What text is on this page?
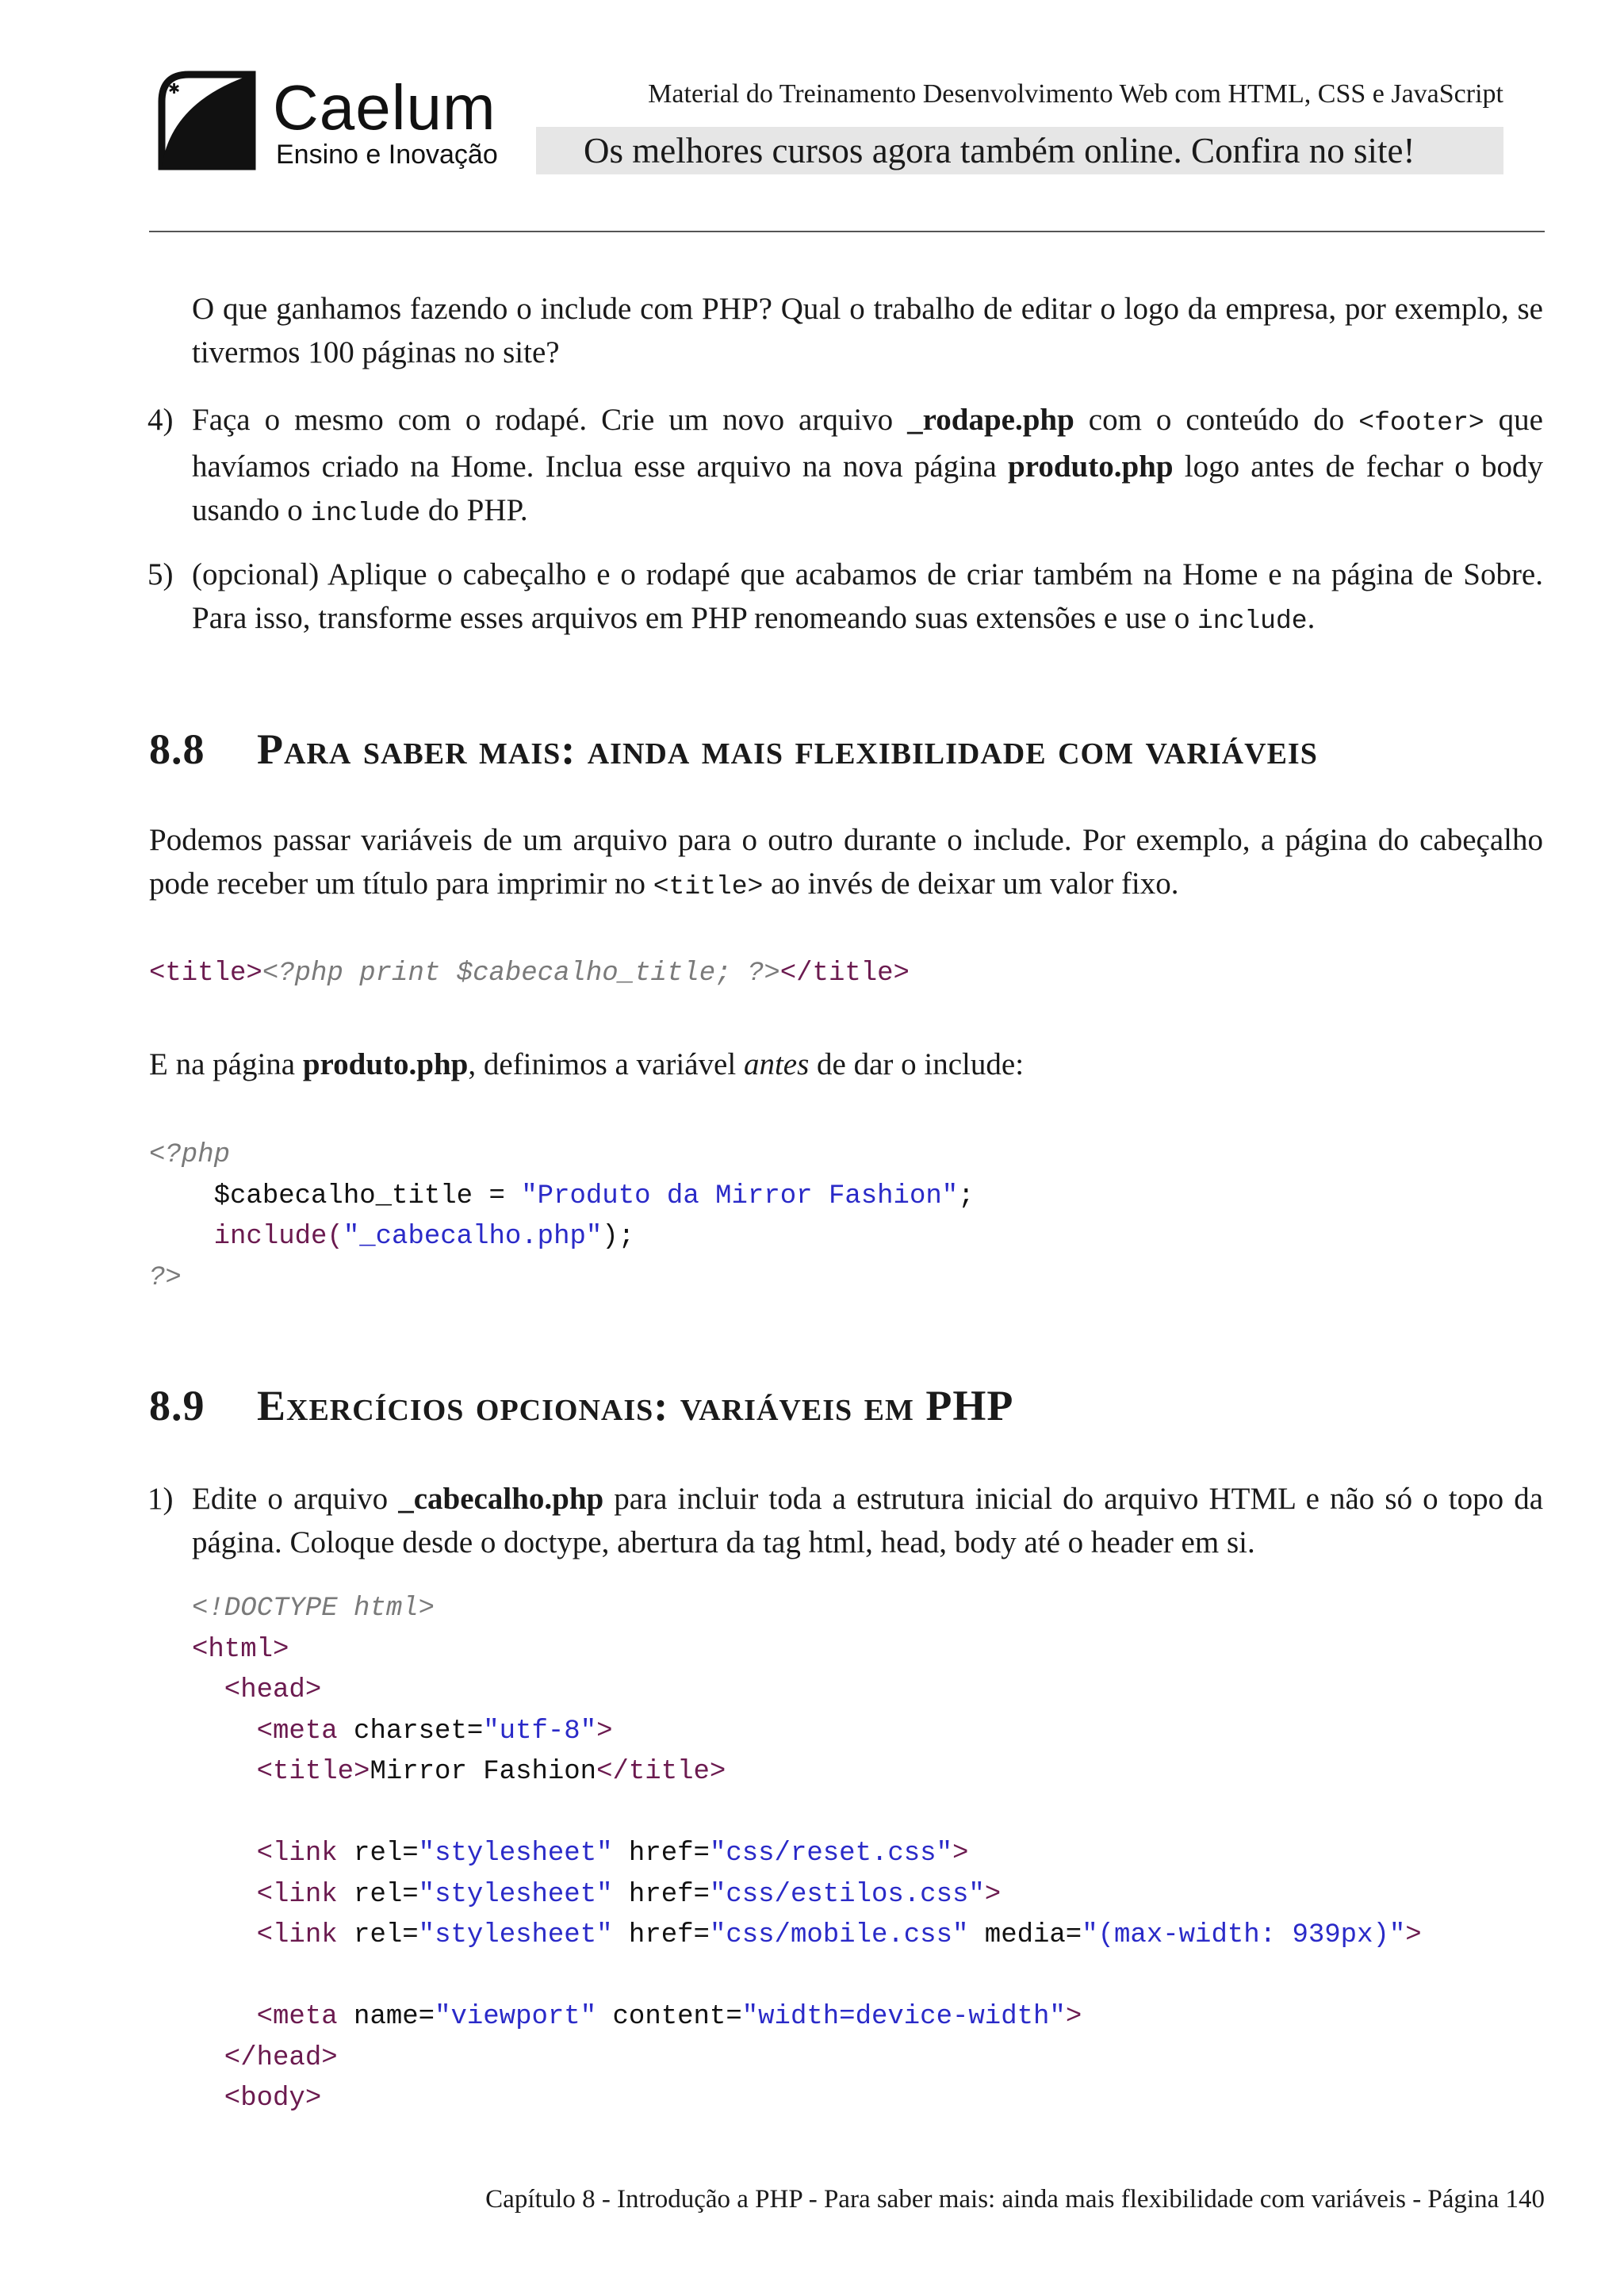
✱ Caelum
Ensino e Inovação
Material do Treinamento Desenvolvimento Web com HTML, CSS e JavaScript
Os melhores cursos agora também online. Confira no site!
O que ganhamos fazendo o include com PHP? Qual o trabalho de editar o logo da empresa, por exemplo, se tivermos 100 páginas no site?
4) Faça o mesmo com o rodapé. Crie um novo arquivo _rodape.php com o conteúdo do <footer> que havíamos criado na Home. Inclua esse arquivo na nova página produto.php logo antes de fechar o body usando o include do PHP.
5) (opcional) Aplique o cabeçalho e o rodapé que acabamos de criar também na Home e na página de Sobre. Para isso, transforme esses arquivos em PHP renomeando suas extensões e use o include.
8.8 Para saber mais: ainda mais flexibilidade com variáveis
Podemos passar variáveis de um arquivo para o outro durante o include. Por exemplo, a página do cabeçalho pode receber um título para imprimir no <title> ao invés de deixar um valor fixo.
<title><?php print $cabecalho_title; ?></title>
E na página produto.php, definimos a variável antes de dar o include:
<?php
$cabecalho_title = "Produto da Mirror Fashion";
include("_cabecalho.php");
?>
8.9 Exercícios opcionais: variáveis em PHP
1) Edite o arquivo _cabecalho.php para incluir toda a estrutura inicial do arquivo HTML e não só o topo da página. Coloque desde o doctype, abertura da tag html, head, body até o header em si.
<!DOCTYPE html>
<html>
<head>
<meta charset="utf-8">
<title>Mirror Fashion</title>

<link rel="stylesheet" href="css/reset.css">
<link rel="stylesheet" href="css/estilos.css">
<link rel="stylesheet" href="css/mobile.css" media="(max-width: 939px)">

<meta name="viewport" content="width=device-width">
</head>
<body>
Capítulo 8 - Introdução a PHP - Para saber mais: ainda mais flexibilidade com variáveis - Página 140
